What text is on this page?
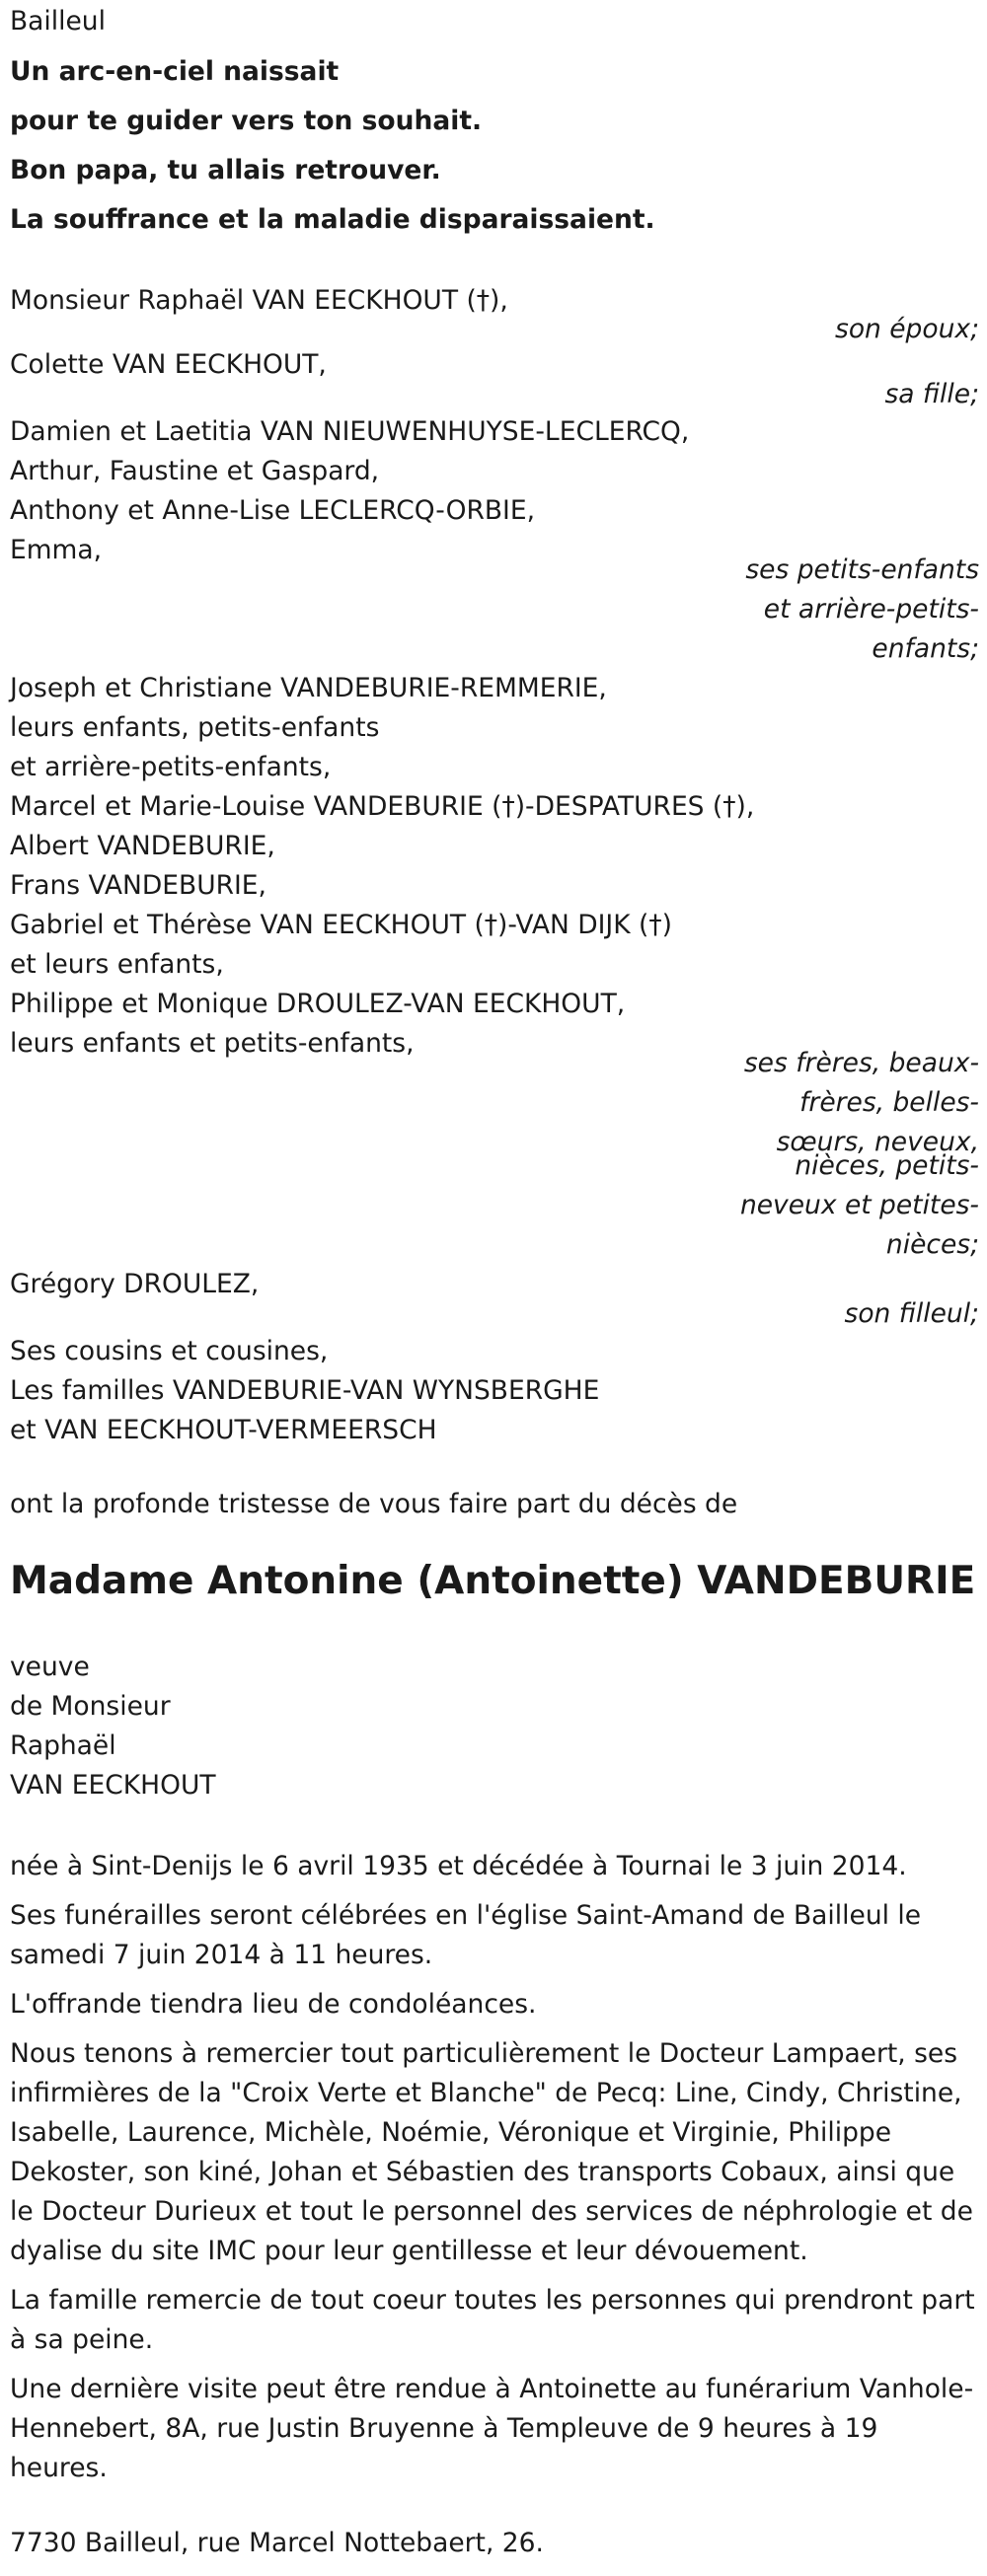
Bailleul
Un arc-en-ciel naissait
pour te guider vers ton souhait.
Bon papa, tu allais retrouver.
La souffrance et la maladie disparaissaient.
Monsieur Raphaël VAN EECKHOUT (†),
son époux;
Colette VAN EECKHOUT,
sa fille;
Damien et Laetitia VAN NIEUWENHUYSE-LECLERCQ,
Arthur, Faustine et Gaspard,
Anthony et Anne-Lise LECLERCQ-ORBIE,
Emma,
ses petits-enfants
et arrière-petits-
enfants;
Joseph et Christiane VANDEBURIE-REMMERIE,
leurs enfants, petits-enfants
et arrière-petits-enfants,
Marcel et Marie-Louise VANDEBURIE (†)-DESPATURES (†),
Albert VANDEBURIE,
Frans VANDEBURIE,
Gabriel et Thérèse VAN EECKHOUT (†)-VAN DIJK (†)
et leurs enfants,
Philippe et Monique DROULEZ-VAN EECKHOUT,
leurs enfants et petits-enfants,
ses frères, beaux-
frères, belles-
sœurs, neveux,
nièces, petits-
neveux et petites-
nièces;
Grégory DROULEZ,
son filleul;
Ses cousins et cousines,
Les familles VANDEBURIE-VAN WYNSBERGHE
et VAN EECKHOUT-VERMEERSCH
ont la profonde tristesse de vous faire part du décès de
Madame Antonine (Antoinette) VANDEBURIE
veuve
de Monsieur
Raphaël
VAN EECKHOUT
née à Sint-Denijs le 6 avril 1935 et décédée à Tournai le 3 juin 2014.
Ses funérailles seront célébrées en l'église Saint-Amand de Bailleul le samedi 7 juin 2014 à 11 heures.
L'offrande tiendra lieu de condoléances.
Nous tenons à remercier tout particulièrement le Docteur Lampaert, ses infirmières de la "Croix Verte et Blanche" de Pecq: Line, Cindy, Christine, Isabelle, Laurence, Michèle, Noémie, Véronique et Virginie, Philippe Dekoster, son kiné, Johan et Sébastien des transports Cobaux, ainsi que le Docteur Durieux et tout le personnel des services de néphrologie et de dyalise du site IMC pour leur gentillesse et leur dévouement.
La famille remercie de tout coeur toutes les personnes qui prendront part à sa peine.
Une dernière visite peut être rendue à Antoinette au funérarium Vanhole-Hennebert, 8A, rue Justin Bruyenne à Templeuve de 9 heures à 19 heures.
7730 Bailleul, rue Marcel Nottebaert, 26.
